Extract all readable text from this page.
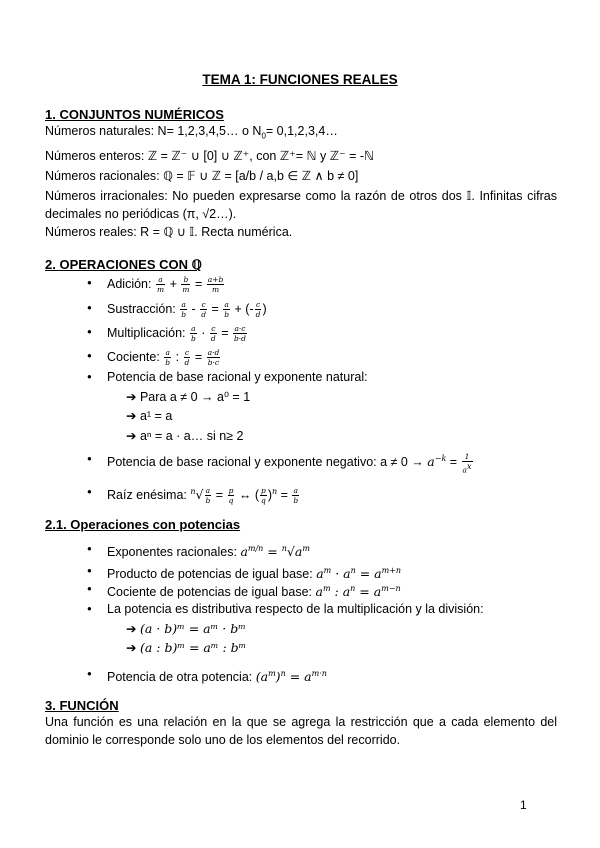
TEMA 1: FUNCIONES REALES
1. CONJUNTOS NUMÉRICOS
Números naturales: N= 1,2,3,4,5… o $N_0=$ 0,1,2,3,4…
Números enteros: ℤ = ℤ⁻ ∪ [0] ∪ ℤ⁺, con ℤ⁺= ℕ y ℤ⁻ = -ℕ
Números racionales: ℚ = 𝔽 ∪ ℤ = [a/b / a,b ∈ ℤ ∧ b ≠ 0]
Números irracionales: No pueden expresarse como la razón de otros dos 𝕀. Infinitas cifras decimales no periódicas (π, √2…).
Números reales: R = ℚ ∪ 𝕀. Recta numérica.
2. OPERACIONES CON ℚ
● Adición: $\frac{a}{m} + \frac{b}{m} = \frac{a+b}{m}$
● Sustracción: $\frac{a}{b} - \frac{c}{d} = \frac{a}{b}$ + (- $\frac{c}{d}$ )
● Multiplicación: $\frac{a}{b} \cdot \frac{c}{d} = \frac{a\cdot c}{b\cdot d}$
● Cociente: $\frac{a}{b}$ : $\frac{c}{d} = \frac{a\cdot d}{b\cdot c}$
● Potencia de base racional y exponente natural:
➔ Para a ≠ 0 → a⁰ = 1
➔ a¹ = a
➔ aⁿ = a · a… si n≥ 2
● Potencia de base racional y exponente negativo: $a \ne 0 \to a^{-k} = \frac{1}{a^x}$
● Raíz enésima: $^n√ \frac{a}{b} = \frac{p}{q}$ ↔ ( $\frac{p}{q} )^n = \frac{a}{b}$
2.1. Operaciones con potencias
● Exponentes racionales: $a^{m/n} = ^n√a^m$
● Producto de potencias de igual base: $a^m \cdot a^n = a^{m+n}$
● Cociente de potencias de igual base: $a^m$ : $a^n = a^{m-n}$
● La potencia es distributiva respecto de la multiplicación y la división:
➔ (a · b)ᵐ = aᵐ · bᵐ
➔ (a : b)ᵐ = aᵐ : bᵐ
● Potencia de otra potencia: $(a^m)^n = a^{m\cdot n}$
3. FUNCIÓN
Una función es una relación en la que se agrega la restricción que a cada elemento del dominio le corresponde solo uno de los elementos del recorrido.
1
